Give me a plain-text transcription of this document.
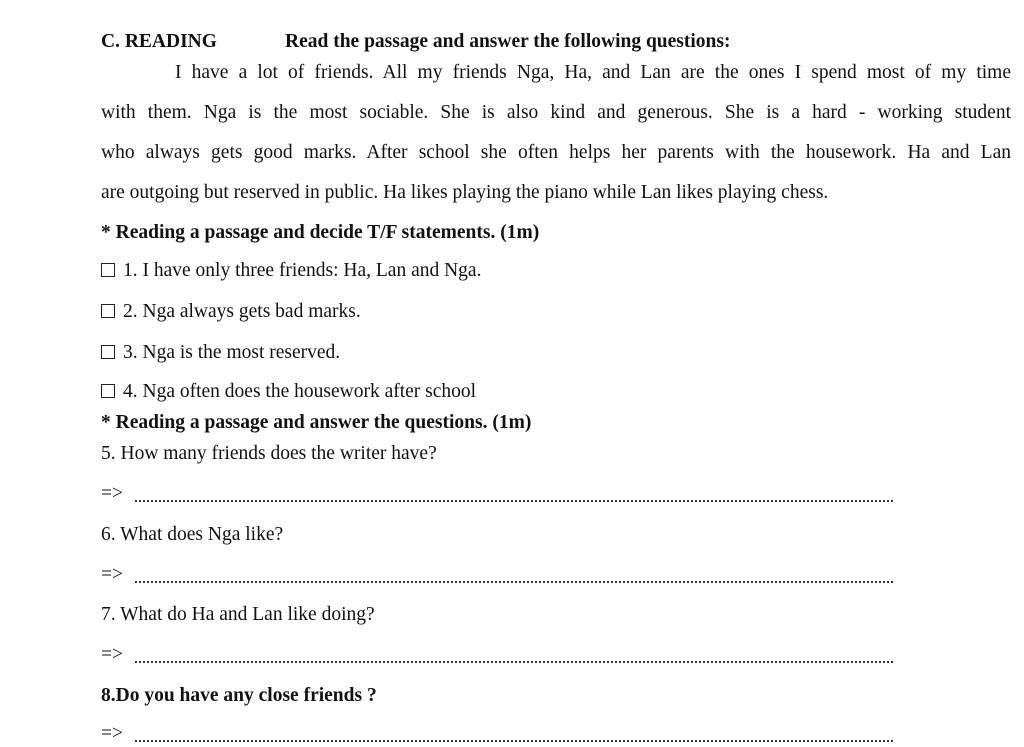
C. READING	Read the passage and answer the following questions:
I have a lot of friends. All my friends Nga, Ha, and Lan are the ones I spend most of my time
with them. Nga is the most sociable. She is also kind and generous. She is a hard - working student
who always gets good marks. After school she often helps her parents with the housework. Ha and Lan
are outgoing but reserved in public. Ha likes playing the piano while Lan likes playing chess.
* Reading a passage and decide T/F statements. (1m)
1. I have only three friends: Ha, Lan and Nga.
2. Nga always gets bad marks.
3. Nga is the most reserved.
4. Nga often does the housework after school
* Reading a passage and answer the questions. (1m)
5. How many friends does the writer have?
=>
6. What does Nga like?
=>
7. What do Ha and Lan like doing?
=>
8.Do you have any close friends ?
=>
